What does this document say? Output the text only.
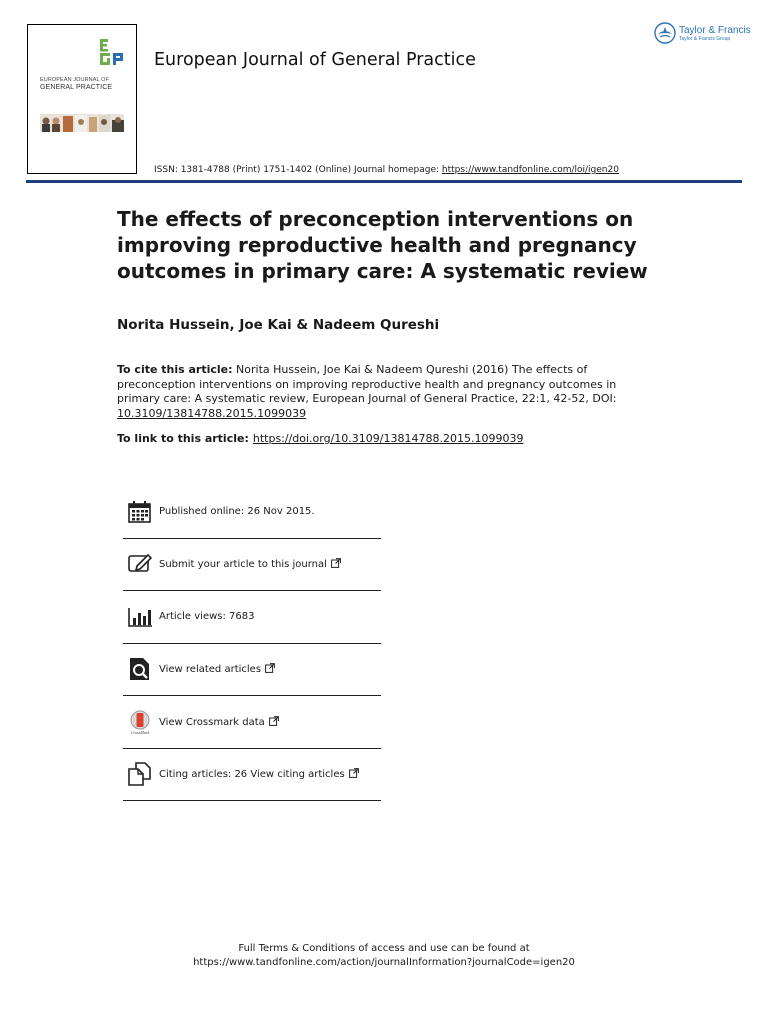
EUROPEAN JOURNAL OF
GENERAL PRACTICE
European Journal of General Practice
Taylor & Francis
Taylor & Francis Group
ISSN: 1381-4788 (Print) 1751-1402 (Online) Journal homepage: https://www.tandfonline.com/loi/igen20
The effects of preconception interventions on improving reproductive health and pregnancy outcomes in primary care: A systematic review
Norita Hussein, Joe Kai & Nadeem Qureshi
To cite this article: Norita Hussein, Joe Kai & Nadeem Qureshi (2016) The effects of preconception interventions on improving reproductive health and pregnancy outcomes in primary care: A systematic review, European Journal of General Practice, 22:1, 42-52, DOI: 10.3109/13814788.2015.1099039
To link to this article: https://doi.org/10.3109/13814788.2015.1099039
Published online: 26 Nov 2015.
Submit your article to this journal
Article views: 7683
View related articles
CrossMark
View Crossmark data
Citing articles: 26 View citing articles
Full Terms & Conditions of access and use can be found at
https://www.tandfonline.com/action/journalInformation?journalCode=igen20
